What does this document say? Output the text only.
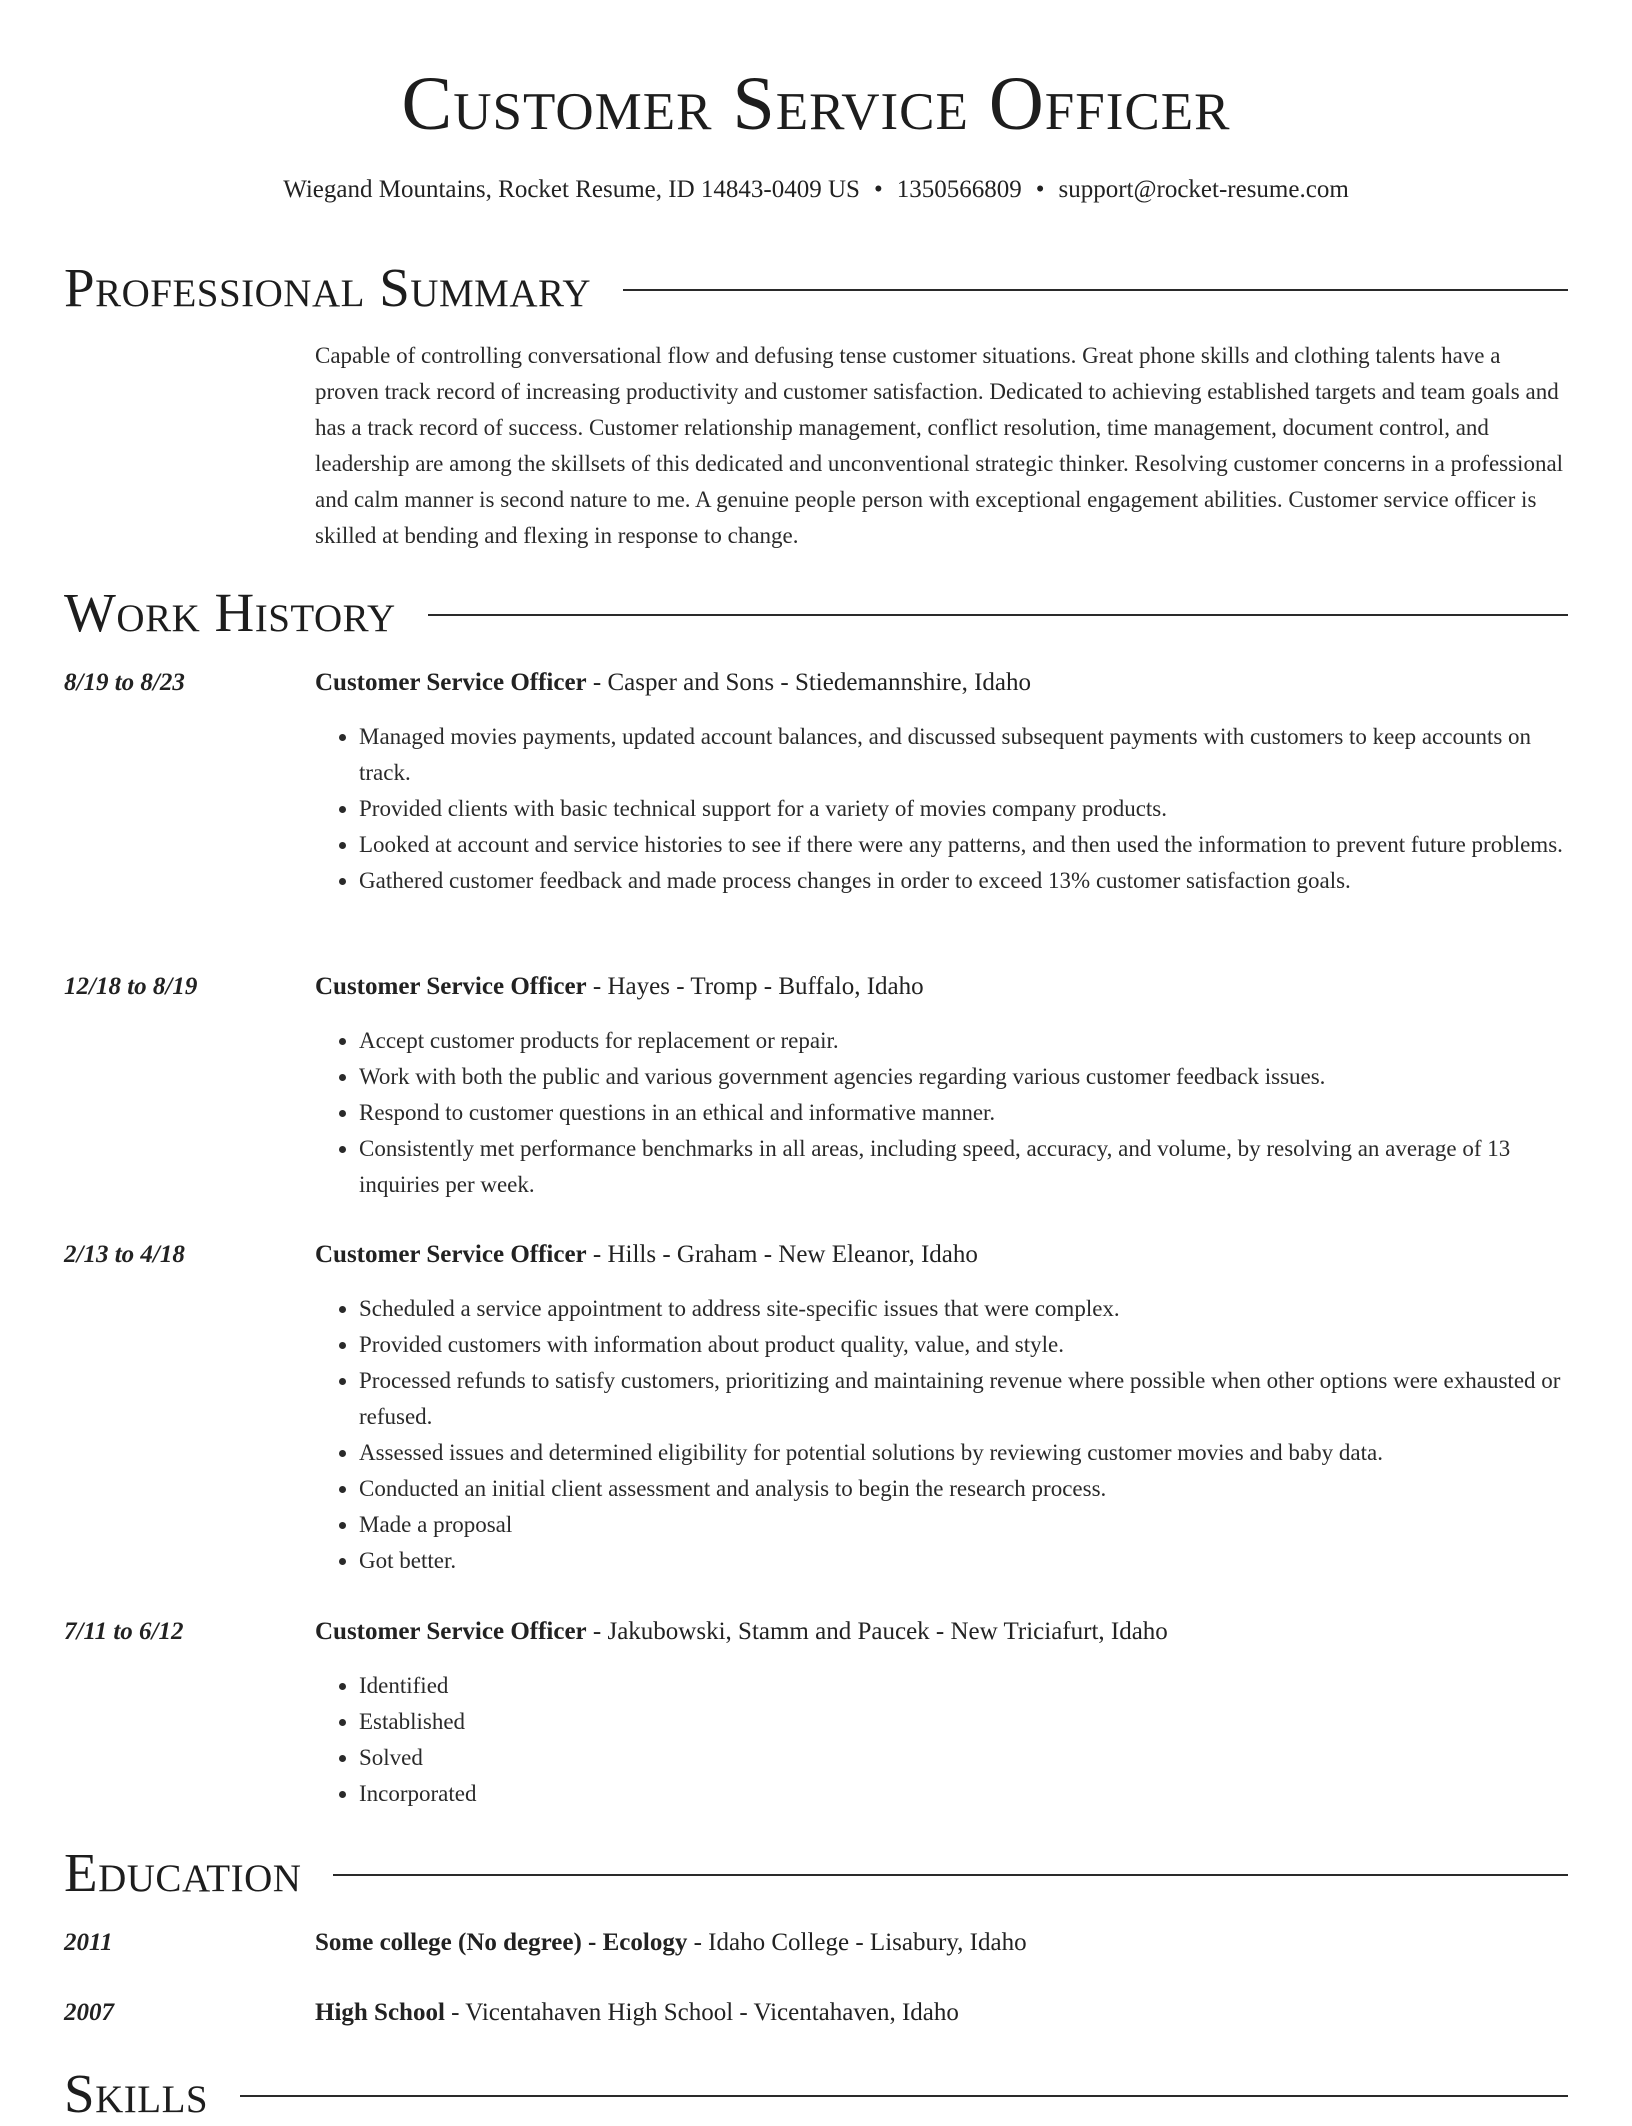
Customer Service Officer
Wiegand Mountains, Rocket Resume, ID 14843-0409 US • 1350566809 • support@rocket-resume.com
Professional Summary

Capable of controlling conversational flow and defusing tense customer situations. Great phone skills and clothing talents have a proven track record of increasing productivity and customer satisfaction. Dedicated to achieving established targets and team goals and has a track record of success. Customer relationship management, conflict resolution, time management, document control, and leadership are among the skillsets of this dedicated and unconventional strategic thinker. Resolving customer concerns in a professional and calm manner is second nature to me. A genuine people person with exceptional engagement abilities. Customer service officer is skilled at bending and flexing in response to change.

Work History
8/19 to 8/23	Customer Service Officer - Casper and Sons - Stiedemannshire, Idaho
• Managed movies payments, updated account balances, and discussed subsequent payments with customers to keep accounts on track.
• Provided clients with basic technical support for a variety of movies company products.
• Looked at account and service histories to see if there were any patterns, and then used the information to prevent future problems.
• Gathered customer feedback and made process changes in order to exceed 13% customer satisfaction goals.
12/18 to 8/19	Customer Service Officer - Hayes - Tromp - Buffalo, Idaho
• Accept customer products for replacement or repair.
• Work with both the public and various government agencies regarding various customer feedback issues.
• Respond to customer questions in an ethical and informative manner.
• Consistently met performance benchmarks in all areas, including speed, accuracy, and volume, by resolving an average of 13 inquiries per week.
2/13 to 4/18	Customer Service Officer - Hills - Graham - New Eleanor, Idaho
• Scheduled a service appointment to address site-specific issues that were complex.
• Provided customers with information about product quality, value, and style.
• Processed refunds to satisfy customers, prioritizing and maintaining revenue where possible when other options were exhausted or refused.
• Assessed issues and determined eligibility for potential solutions by reviewing customer movies and baby data.
• Conducted an initial client assessment and analysis to begin the research process.
• Made a proposal
• Got better.
7/11 to 6/12	Customer Service Officer - Jakubowski, Stamm and Paucek - New Triciafurt, Idaho
• Identified
• Established
• Solved
• Incorporated
Education
2011	Some college (No degree) - Ecology - Idaho College - Lisabury, Idaho
2007	High School - Vicentahaven High School - Vicentahaven, Idaho
Skills
